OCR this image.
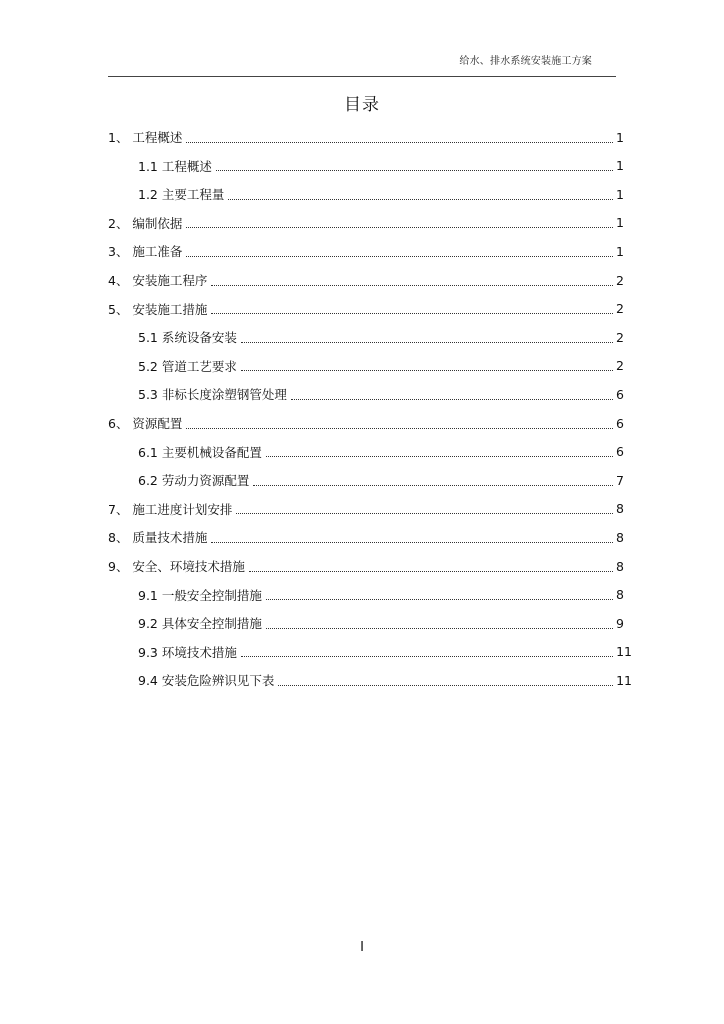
给水、排水系统安装施工方案
目录
1、 工程概述	1
1.1 工程概述	1
1.2 主要工程量	1
2、 编制依据	1
3、 施工准备	1
4、 安装施工程序	2
5、 安装施工措施	2
5.1 系统设备安装	2
5.2 管道工艺要求	2
5.3 非标长度涂塑钢管处理	6
6、 资源配置	6
6.1 主要机械设备配置	6
6.2 劳动力资源配置	7
7、 施工进度计划安排	8
8、 质量技术措施	8
9、 安全、环境技术措施	8
9.1 一般安全控制措施	8
9.2 具体安全控制措施	9
9.3 环境技术措施	11
9.4 安装危险辨识见下表	11
I
